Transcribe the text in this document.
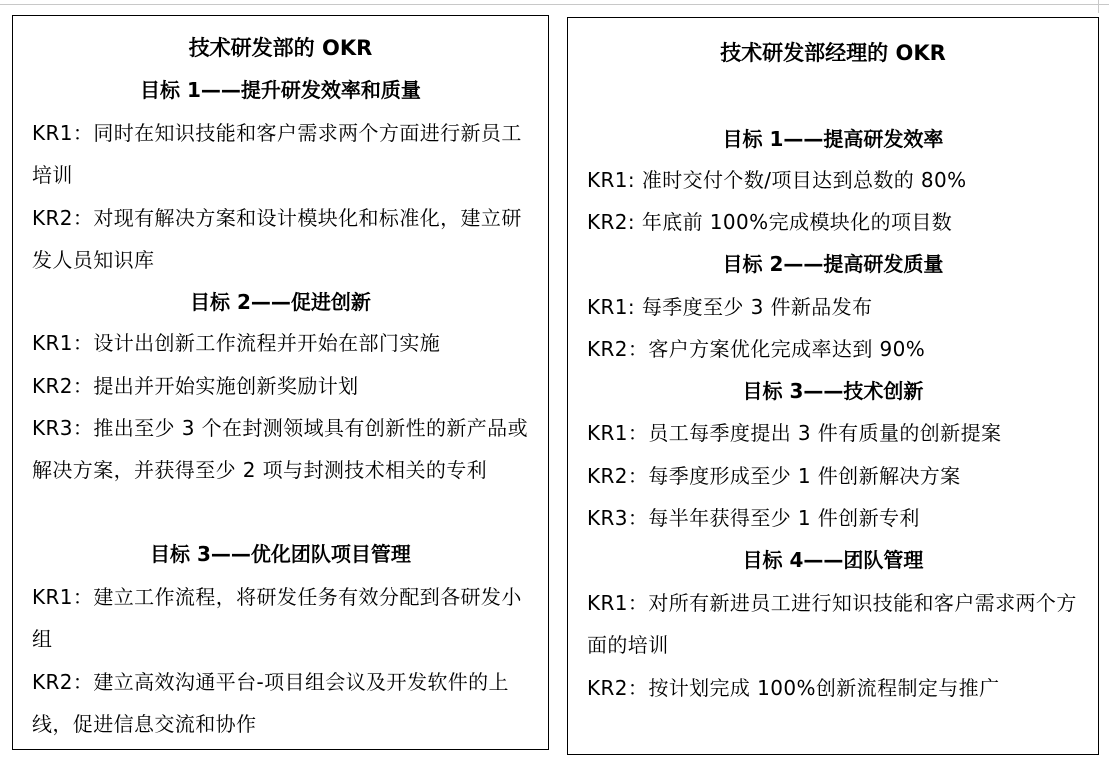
技术研发部的 OKR
目标 1——提升研发效率和质量
KR1：同时在知识技能和客户需求两个方面进行新员工培训
KR2：对现有解决方案和设计模块化和标准化，建立研发人员知识库
目标 2——促进创新
KR1：设计出创新工作流程并开始在部门实施
KR2：提出并开始实施创新奖励计划
KR3：推出至少 3 个在封测领域具有创新性的新产品或解决方案，并获得至少 2 项与封测技术相关的专利
目标 3——优化团队项目管理
KR1：建立工作流程，将研发任务有效分配到各研发小组
KR2：建立高效沟通平台-项目组会议及开发软件的上线，促进信息交流和协作
技术研发部经理的 OKR
目标 1——提高研发效率
KR1: 准时交付个数/项目达到总数的 80%
KR2: 年底前 100%完成模块化的项目数
目标 2——提高研发质量
KR1: 每季度至少 3 件新品发布
KR2：客户方案优化完成率达到 90%
目标 3——技术创新
KR1：员工每季度提出 3 件有质量的创新提案
KR2：每季度形成至少 1 件创新解决方案
KR3：每半年获得至少 1 件创新专利
目标 4——团队管理
KR1：对所有新进员工进行知识技能和客户需求两个方面的培训
KR2：按计划完成 100%创新流程制定与推广
